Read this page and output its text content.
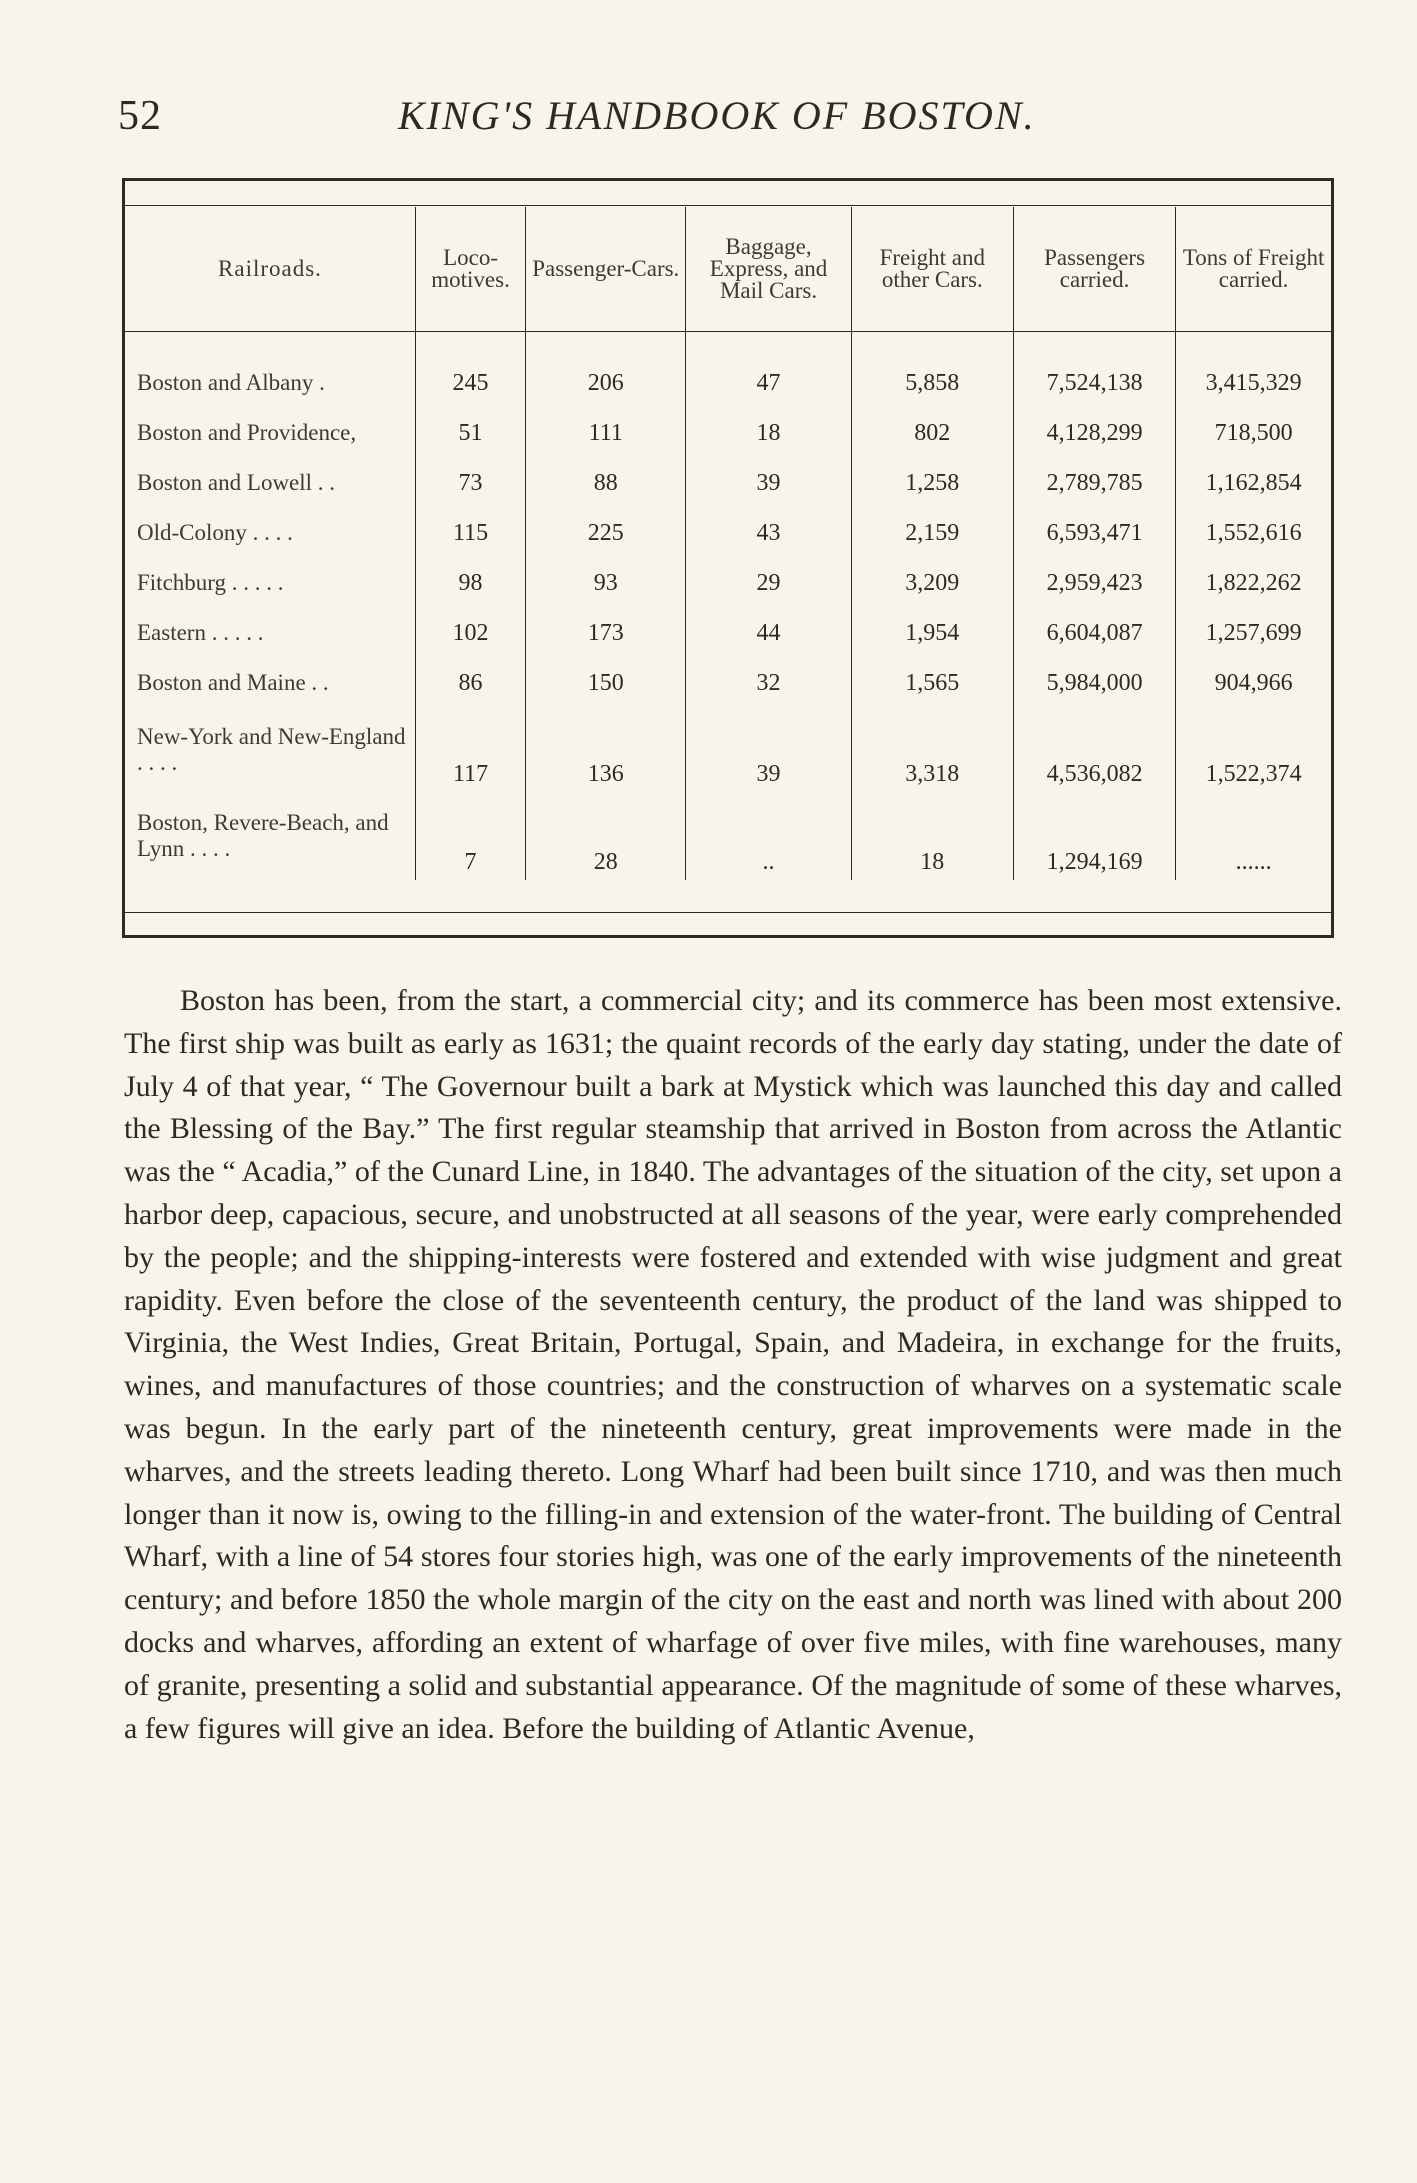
52	KING'S HANDBOOK OF BOSTON.
Railroads.	Loco-motives.	Passenger-Cars.	Baggage, Express, and Mail Cars.	Freight and other Cars.	Passengers carried.	Tons of Freight carried.
Boston and Albany .	245	206	47	5,858	7,524,138	3,415,329
Boston and Providence,	51	111	18	802	4,128,299	718,500
Boston and Lowell . .	73	88	39	1,258	2,789,785	1,162,854
Old-Colony . . . .	115	225	43	2,159	6,593,471	1,552,616
Fitchburg . . . . .	98	93	29	3,209	2,959,423	1,822,262
Eastern . . . . .	102	173	44	1,954	6,604,087	1,257,699
Boston and Maine . .	86	150	32	1,565	5,984,000	904,966
New-York and New-England . . . .	117	136	39	3,318	4,536,082	1,522,374
Boston, Revere-Beach, and Lynn . . . .	7	28	..	18	1,294,169	......

Boston has been, from the start, a commercial city; and its commerce has been most extensive. The first ship was built as early as 1631; the quaint records of the early day stating, under the date of July 4 of that year, “ The Governour built a bark at Mystick which was launched this day and called the Blessing of the Bay.” The first regular steamship that arrived in Boston from across the Atlantic was the “ Acadia,” of the Cunard Line, in 1840. The advantages of the situation of the city, set upon a harbor deep, capacious, secure, and unobstructed at all seasons of the year, were early comprehended by the people; and the shipping-interests were fostered and extended with wise judgment and great rapidity. Even before the close of the seventeenth century, the product of the land was shipped to Virginia, the West Indies, Great Britain, Portugal, Spain, and Madeira, in exchange for the fruits, wines, and manufactures of those countries; and the construction of wharves on a systematic scale was begun. In the early part of the nineteenth century, great improvements were made in the wharves, and the streets leading thereto. Long Wharf had been built since 1710, and was then much longer than it now is, owing to the filling-in and extension of the water-front. The building of Central Wharf, with a line of 54 stores four stories high, was one of the early improvements of the nineteenth century; and before 1850 the whole margin of the city on the east and north was lined with about 200 docks and wharves, affording an extent of wharfage of over five miles, with fine warehouses, many of granite, presenting a solid and substantial appearance. Of the magnitude of some of these wharves, a few figures will give an idea. Before the building of Atlantic Avenue,
